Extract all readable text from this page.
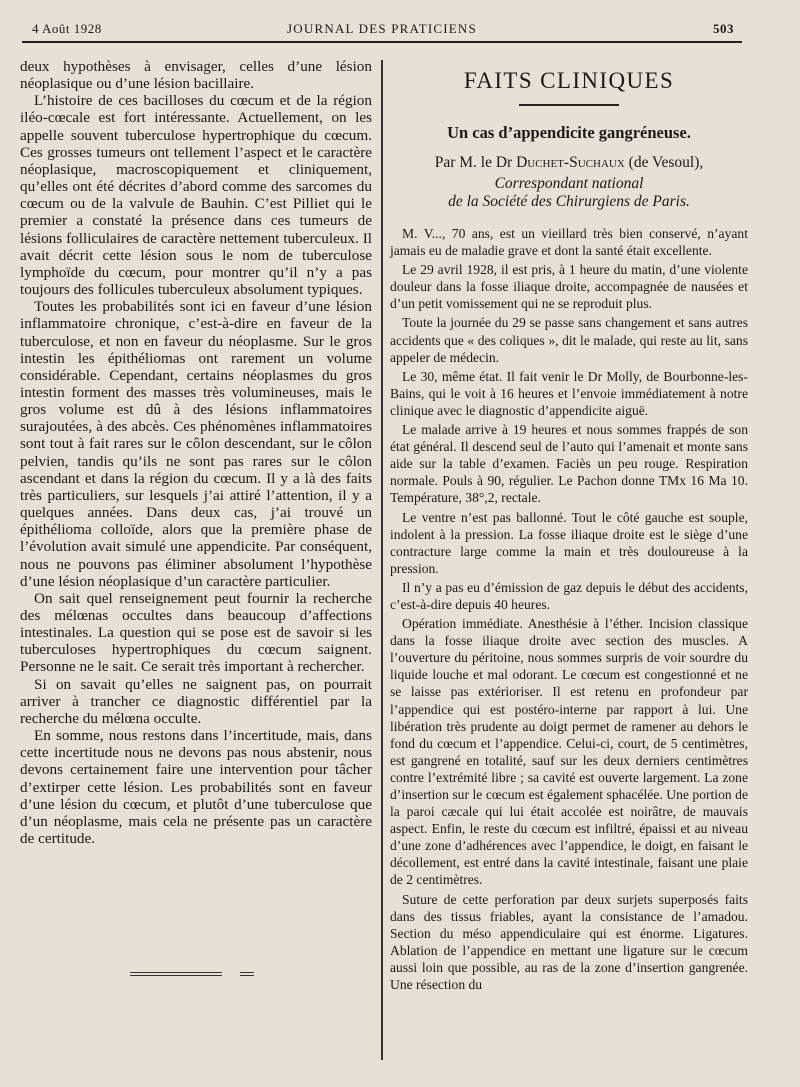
4 Août 1928	JOURNAL DES PRATICIENS	503

deux hypothèses à envisager, celles d’une lésion néoplasique ou d’une lésion bacillaire.

L’histoire de ces bacilloses du cœcum et de la région iléo-cœcale est fort intéressante. Actuellement, on les appelle souvent tuberculose hypertrophique du cœcum. Ces grosses tumeurs ont tellement l’aspect et le caractère néoplasique, macroscopiquement et cliniquement, qu’elles ont été décrites d’abord comme des sarcomes du cœcum ou de la valvule de Bauhin. C’est Pilliet qui le premier a constaté la présence dans ces tumeurs de lésions folliculaires de caractère nettement tuberculeux. Il avait décrit cette lésion sous le nom de tuberculose lymphoïde du cœcum, pour montrer qu’il n’y a pas toujours des follicules tuberculeux absolument typiques.

Toutes les probabilités sont ici en faveur d’une lésion inflammatoire chronique, c’est-à-dire en faveur de la tuberculose, et non en faveur du néoplasme. Sur le gros intestin les épithéliomas ont rarement un volume considérable. Cependant, certains néoplasmes du gros intestin forment des masses très volumineuses, mais le gros volume est dû à des lésions inflammatoires surajoutées, à des abcès. Ces phénomènes inflammatoires sont tout à fait rares sur le côlon descendant, sur le côlon pelvien, tandis qu’ils ne sont pas rares sur le côlon ascendant et dans la région du cœcum. Il y a là des faits très particuliers, sur lesquels j’ai attiré l’attention, il y a quelques années. Dans deux cas, j’ai trouvé un épithélioma colloïde, alors que la première phase de l’évolution avait simulé une appendicite. Par conséquent, nous ne pouvons pas éliminer absolument l’hypothèse d’une lésion néoplasique d’un caractère particulier.

On sait quel renseignement peut fournir la recherche des mélœnas occultes dans beaucoup d’affections intestinales. La question qui se pose est de savoir si les tuberculoses hypertrophiques du cœcum saignent. Personne ne le sait. Ce serait très important à rechercher.

Si on savait qu’elles ne saignent pas, on pourrait arriver à trancher ce diagnostic différentiel par la recherche du mélœna occulte.

En somme, nous restons dans l’incertitude, mais, dans cette incertitude nous ne devons pas nous abstenir, nous devons certainement faire une intervention pour tâcher d’extirper cette lésion. Les probabilités sont en faveur d’une lésion du cœcum, et plutôt d’une tuberculose que d’un néoplasme, mais cela ne présente pas un caractère de certitude.

FAITS CLINIQUES
Un cas d’appendicite gangréneuse.
Par M. le Dr Duchet-Suchaux (de Vesoul),
Correspondant national
de la Société des Chirurgiens de Paris.

M. V..., 70 ans, est un vieillard très bien conservé, n’ayant jamais eu de maladie grave et dont la santé était excellente.

Le 29 avril 1928, il est pris, à 1 heure du matin, d’une violente douleur dans la fosse iliaque droite, accompagnée de nausées et d’un petit vomissement qui ne se reproduit plus.

Toute la journée du 29 se passe sans changement et sans autres accidents que « des coliques », dit le malade, qui reste au lit, sans appeler de médecin.

Le 30, même état. Il fait venir le Dr Molly, de Bourbonne-les-Bains, qui le voit à 16 heures et l’envoie immédiatement à notre clinique avec le diagnostic d’appendicite aiguë.

Le malade arrive à 19 heures et nous sommes frappés de son état général. Il descend seul de l’auto qui l’amenait et monte sans aide sur la table d’examen. Faciès un peu rouge. Respiration normale. Pouls à 90, régulier. Le Pachon donne TMx 16 Ma 10. Température, 38°,2, rectale.

Le ventre n’est pas ballonné. Tout le côté gauche est souple, indolent à la pression. La fosse iliaque droite est le siège d’une contracture large comme la main et très douloureuse à la pression.

Il n’y a pas eu d’émission de gaz depuis le début des accidents, c’est-à-dire depuis 40 heures.

Opération immédiate. Anesthésie à l’éther. Incision classique dans la fosse iliaque droite avec section des muscles. A l’ouverture du péritoine, nous sommes surpris de voir sourdre du liquide louche et mal odorant. Le cœcum est congestionné et ne se laisse pas extérioriser. Il est retenu en profondeur par l’appendice qui est postéro-interne par rapport à lui. Une libération très prudente au doigt permet de ramener au dehors le fond du cœcum et l’appendice. Celui-ci, court, de 5 centimètres, est gangrené en totalité, sauf sur les deux derniers centimètres contre l’extrémité libre ; sa cavité est ouverte largement. La zone d’insertion sur le cœcum est également sphacélée. Une portion de la paroi cæcale qui lui était accolée est noirâtre, de mauvais aspect. Enfin, le reste du cœcum est infiltré, épaissi et au niveau d’une zone d’adhérences avec l’appendice, le doigt, en faisant le décollement, est entré dans la cavité intestinale, faisant une plaie de 2 centimètres.

Suture de cette perforation par deux surjets superposés faits dans des tissus friables, ayant la consistance de l’amadou. Section du méso appendiculaire qui est énorme. Ligatures. Ablation de l’appendice en mettant une ligature sur le cœcum aussi loin que possible, au ras de la zone d’insertion gangrenée. Une résection du
